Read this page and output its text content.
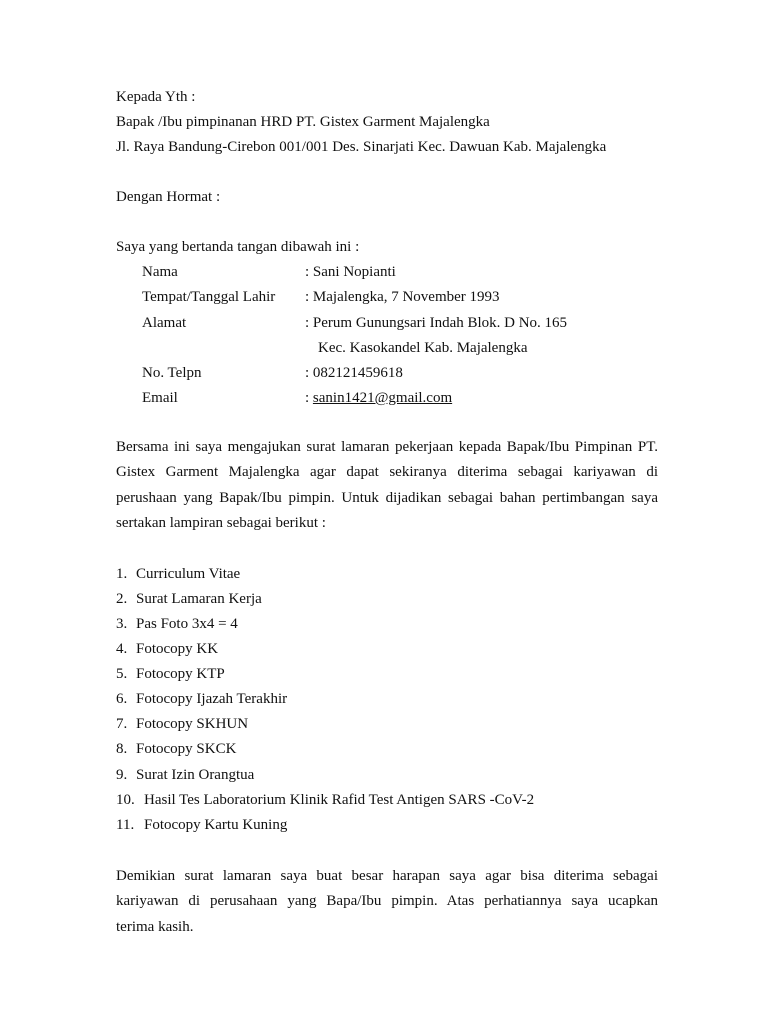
Kepada Yth :
Bapak /Ibu pimpinanan HRD PT. Gistex Garment Majalengka
Jl. Raya Bandung-Cirebon 001/001 Des. Sinarjati Kec. Dawuan Kab. Majalengka
Dengan Hormat :
Saya yang bertanda tangan dibawah ini :
Nama	: Sani Nopianti
Tempat/Tanggal Lahir : Majalengka, 7 November 1993
Alamat	: Perum Gunungsari Indah Blok. D No. 165
Kec. Kasokandel Kab. Majalengka
No. Telpn	: 082121459618
Email	: sanin1421@gmail.com
Bersama ini saya mengajukan surat lamaran pekerjaan kepada Bapak/Ibu Pimpinan PT.
Gistex Garment Majalengka agar dapat sekiranya diterima sebagai kariyawan di
perushaan yang Bapak/Ibu pimpin. Untuk dijadikan sebagai bahan pertimbangan saya
sertakan lampiran sebagai berikut :
1. Curriculum Vitae
2. Surat Lamaran Kerja
3. Pas Foto 3x4 = 4
4. Fotocopy KK
5. Fotocopy KTP
6. Fotocopy Ijazah Terakhir
7. Fotocopy SKHUN
8. Fotocopy SKCK
9. Surat Izin Orangtua
10. Hasil Tes Laboratorium Klinik Rafid Test Antigen SARS -CoV-2
11. Fotocopy Kartu Kuning
Demikian surat lamaran saya buat besar harapan saya agar bisa diterima sebagai
kariyawan di perusahaan yang Bapa/Ibu pimpin. Atas perhatiannya saya ucapkan
terima kasih.
